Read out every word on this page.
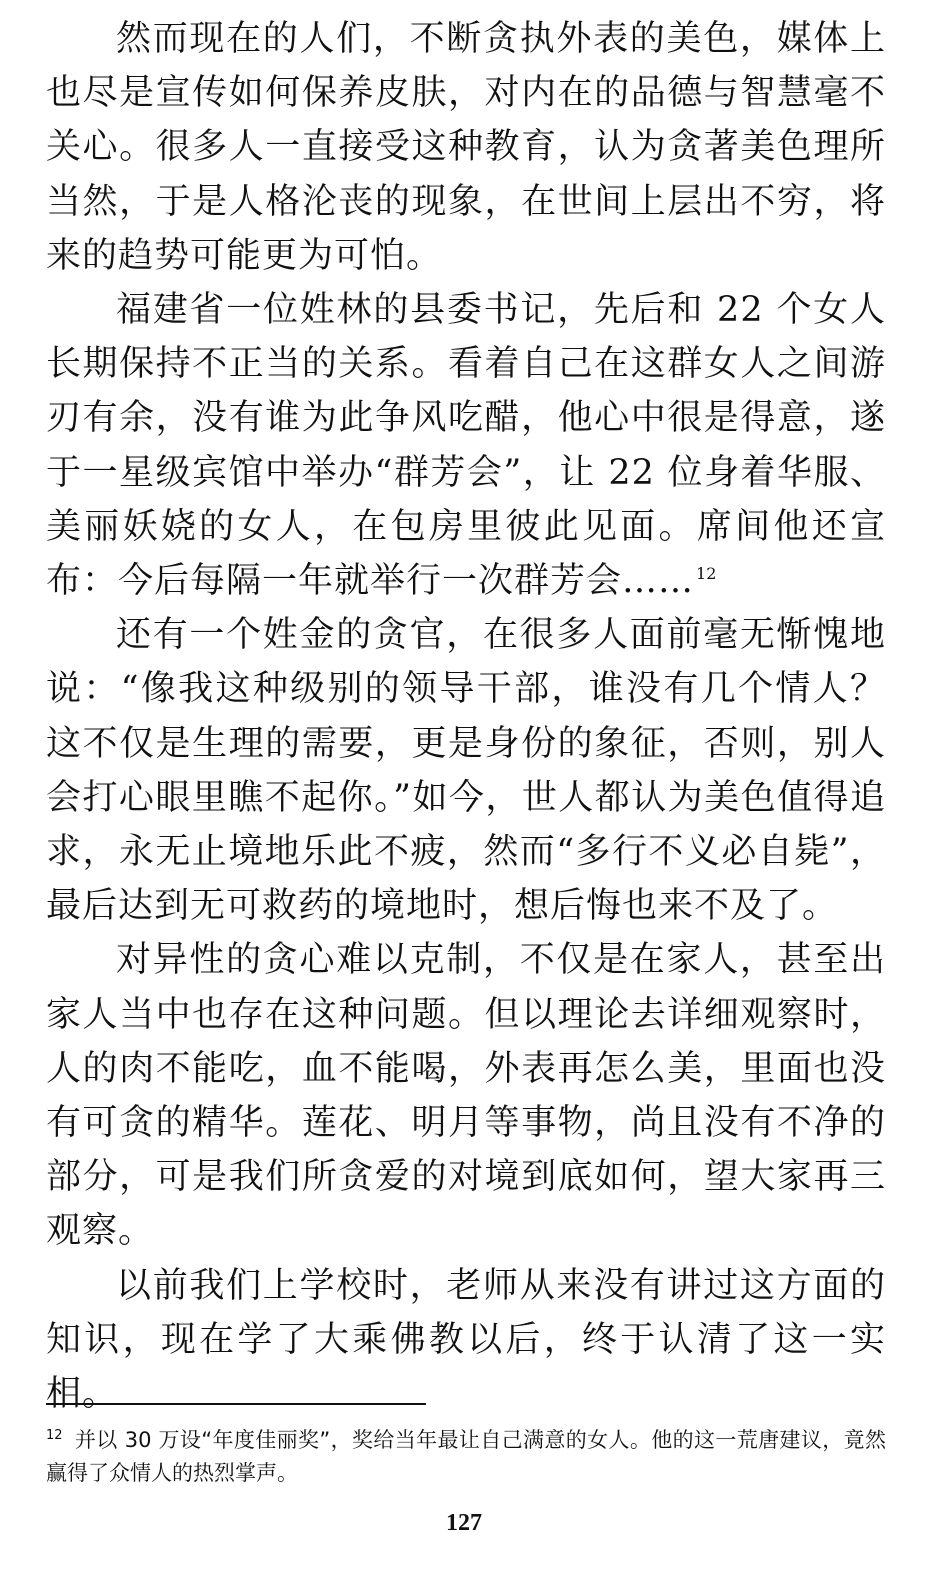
然而现在的人们，不断贪执外表的美色，媒体上也尽是宣传如何保养皮肤，对内在的品德与智慧毫不关心。很多人一直接受这种教育，认为贪著美色理所当然，于是人格沦丧的现象，在世间上层出不穷，将来的趋势可能更为可怕。

福建省一位姓林的县委书记，先后和 22 个女人长期保持不正当的关系。看着自己在这群女人之间游刃有余，没有谁为此争风吃醋，他心中很是得意，遂于一星级宾馆中举办“群芳会”，让 22 位身着华服、美丽妖娆的女人，在包房里彼此见面。席间他还宣布：今后每隔一年就举行一次群芳会…… $^{12}$

还有一个姓金的贪官，在很多人面前毫无惭愧地说：“像我这种级别的领导干部，谁没有几个情人？这不仅是生理的需要，更是身份的象征，否则，别人会打心眼里瞧不起你。”如今，世人都认为美色值得追求，永无止境地乐此不疲，然而“多行不义必自毙”，最后达到无可救药的境地时，想后悔也来不及了。

对异性的贪心难以克制，不仅是在家人，甚至出家人当中也存在这种问题。但以理论去详细观察时，人的肉不能吃，血不能喝，外表再怎么美，里面也没有可贪的精华。莲花、明月等事物，尚且没有不净的部分，可是我们所贪爱的对境到底如何，望大家再三观察。

以前我们上学校时，老师从来没有讲过这方面的知识，现在学了大乘佛教以后，终于认清了这一实相。

$^{12}$ 并以 30 万设“年度佳丽奖”，奖给当年最让自己满意的女人。他的这一荒唐建议，竟然赢得了众情人的热烈掌声。

127
